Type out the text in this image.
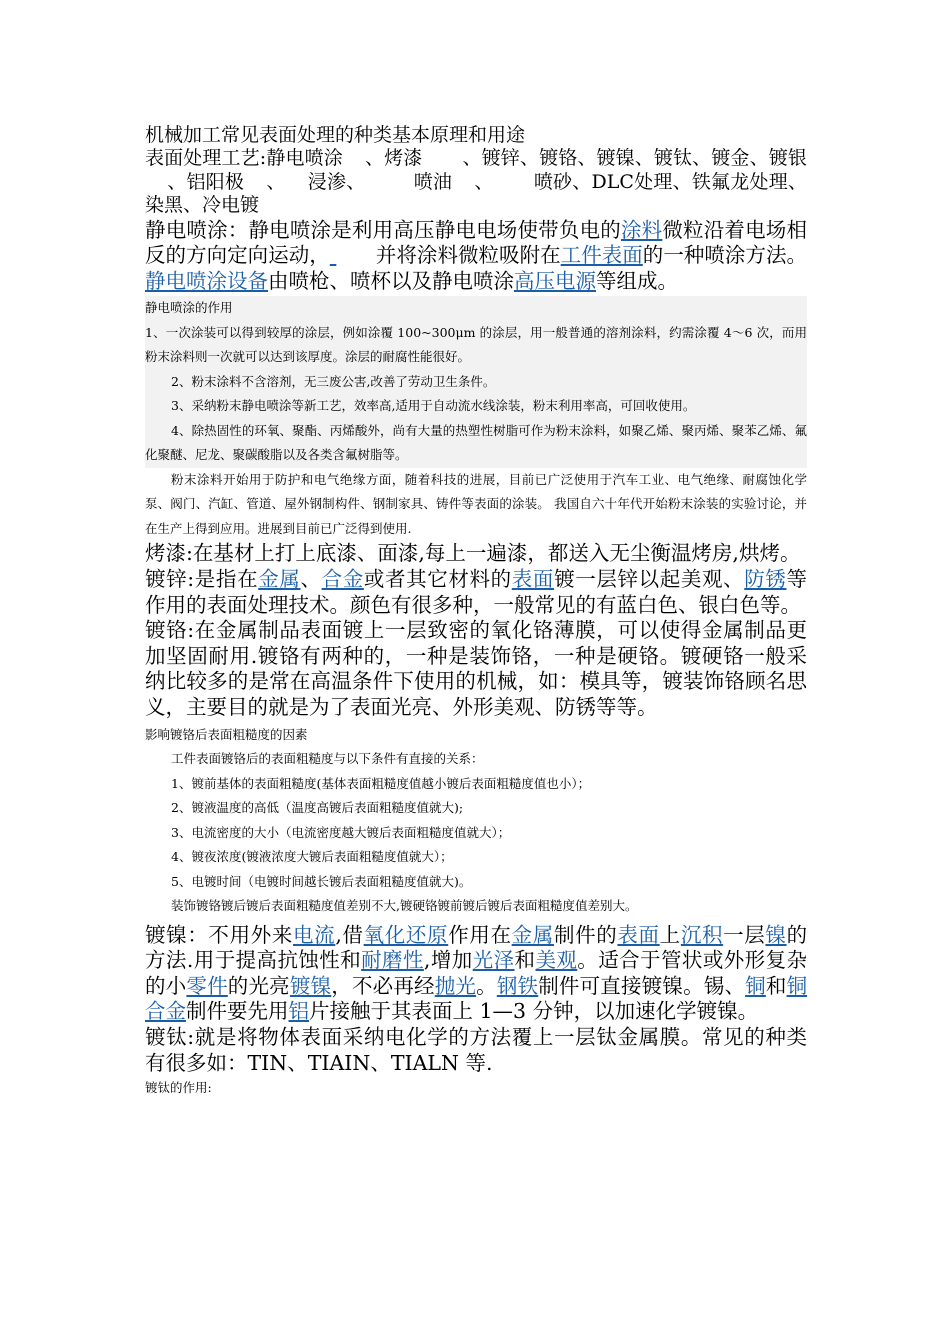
机械加工常见表面处理的种类基本原理和用途

表面处理工艺:静电喷涂 、烤漆 、镀锌、镀铬、镀镍、镀钛、镀金、镀银、铝阳极 、 浸渗、	喷油 、 喷砂、DLC处理、铁氟龙处理、染黑、冷电镀

静电喷涂：静电喷涂是利用高压静电电场使带负电的涂料微粒沿着电场相反的方向定向运动， 并将涂料微粒吸附在工件表面的一种喷涂方法。静电喷涂设备由喷枪、喷杯以及静电喷涂高压电源等组成。

静电喷涂的作用

1、一次涂装可以得到较厚的涂层，例如涂覆 100~300μm 的涂层，用一般普通的溶剂涂料，约需涂覆 4～6 次，而用粉末涂料则一次就可以达到该厚度。涂层的耐腐性能很好。

2、粉末涂料不含溶剂，无三废公害,改善了劳动卫生条件。

3、采纳粉末静电喷涂等新工艺，效率高,适用于自动流水线涂装，粉末利用率高，可回收使用。

4、除热固性的环氧、聚酯、丙烯酸外，尚有大量的热塑性树脂可作为粉末涂料，如聚乙烯、聚丙烯、聚苯乙烯、氟化聚醚、尼龙、聚碳酸脂以及各类含氟树脂等。

粉末涂料开始用于防护和电气绝缘方面，随着科技的进展，目前已广泛使用于汽车工业、电气绝缘、耐腐蚀化学泵、阀门、汽缸、管道、屋外钢制构件、钢制家具、铸件等表面的涂装。 我国自六十年代开始粉末涂装的实验讨论，并在生产上得到应用。进展到目前已广泛得到使用.

烤漆:在基材上打上底漆、面漆,每上一遍漆，都送入无尘衡温烤房,烘烤。

镀锌:是指在金属、合金或者其它材料的表面镀一层锌以起美观、防锈等作用的表面处理技术。颜色有很多种，一般常见的有蓝白色、银白色等。

镀铬:在金属制品表面镀上一层致密的氧化铬薄膜，可以使得金属制品更加坚固耐用.镀铬有两种的，一种是装饰铬，一种是硬铬。镀硬铬一般采纳比较多的是常在高温条件下使用的机械，如：模具等，镀装饰铬顾名思义，主要目的就是为了表面光亮、外形美观、防锈等等。

影响镀铬后表面粗糙度的因素

工件表面镀铬后的表面粗糙度与以下条件有直接的关系：

1、镀前基体的表面粗糙度(基体表面粗糙度值越小镀后表面粗糙度值也小）；

2、镀液温度的高低（温度高镀后表面粗糙度值就大);

3、电流密度的大小（电流密度越大镀后表面粗糙度值就大）；

4、镀夜浓度(镀液浓度大镀后表面粗糙度值就大）；

5、电镀时间（电镀时间越长镀后表面粗糙度值就大)。

装饰镀铬镀后镀后表面粗糙度值差别不大,镀硬铬镀前镀后镀后表面粗糙度值差别大。

镀镍：不用外来电流,借氧化还原作用在金属制件的表面上沉积一层镍的方法.用于提高抗蚀性和耐磨性,增加光泽和美观。适合于管状或外形复杂的小零件的光亮镀镍，不必再经抛光。钢铁制件可直接镀镍。锡、铜和铜合金制件要先用铝片接触于其表面上 1—3 分钟，以加速化学镀镍。

镀钛:就是将物体表面采纳电化学的方法覆上一层钛金属膜。常见的种类有很多如：TIN、TIAIN、TIALN 等.

镀钛的作用:
